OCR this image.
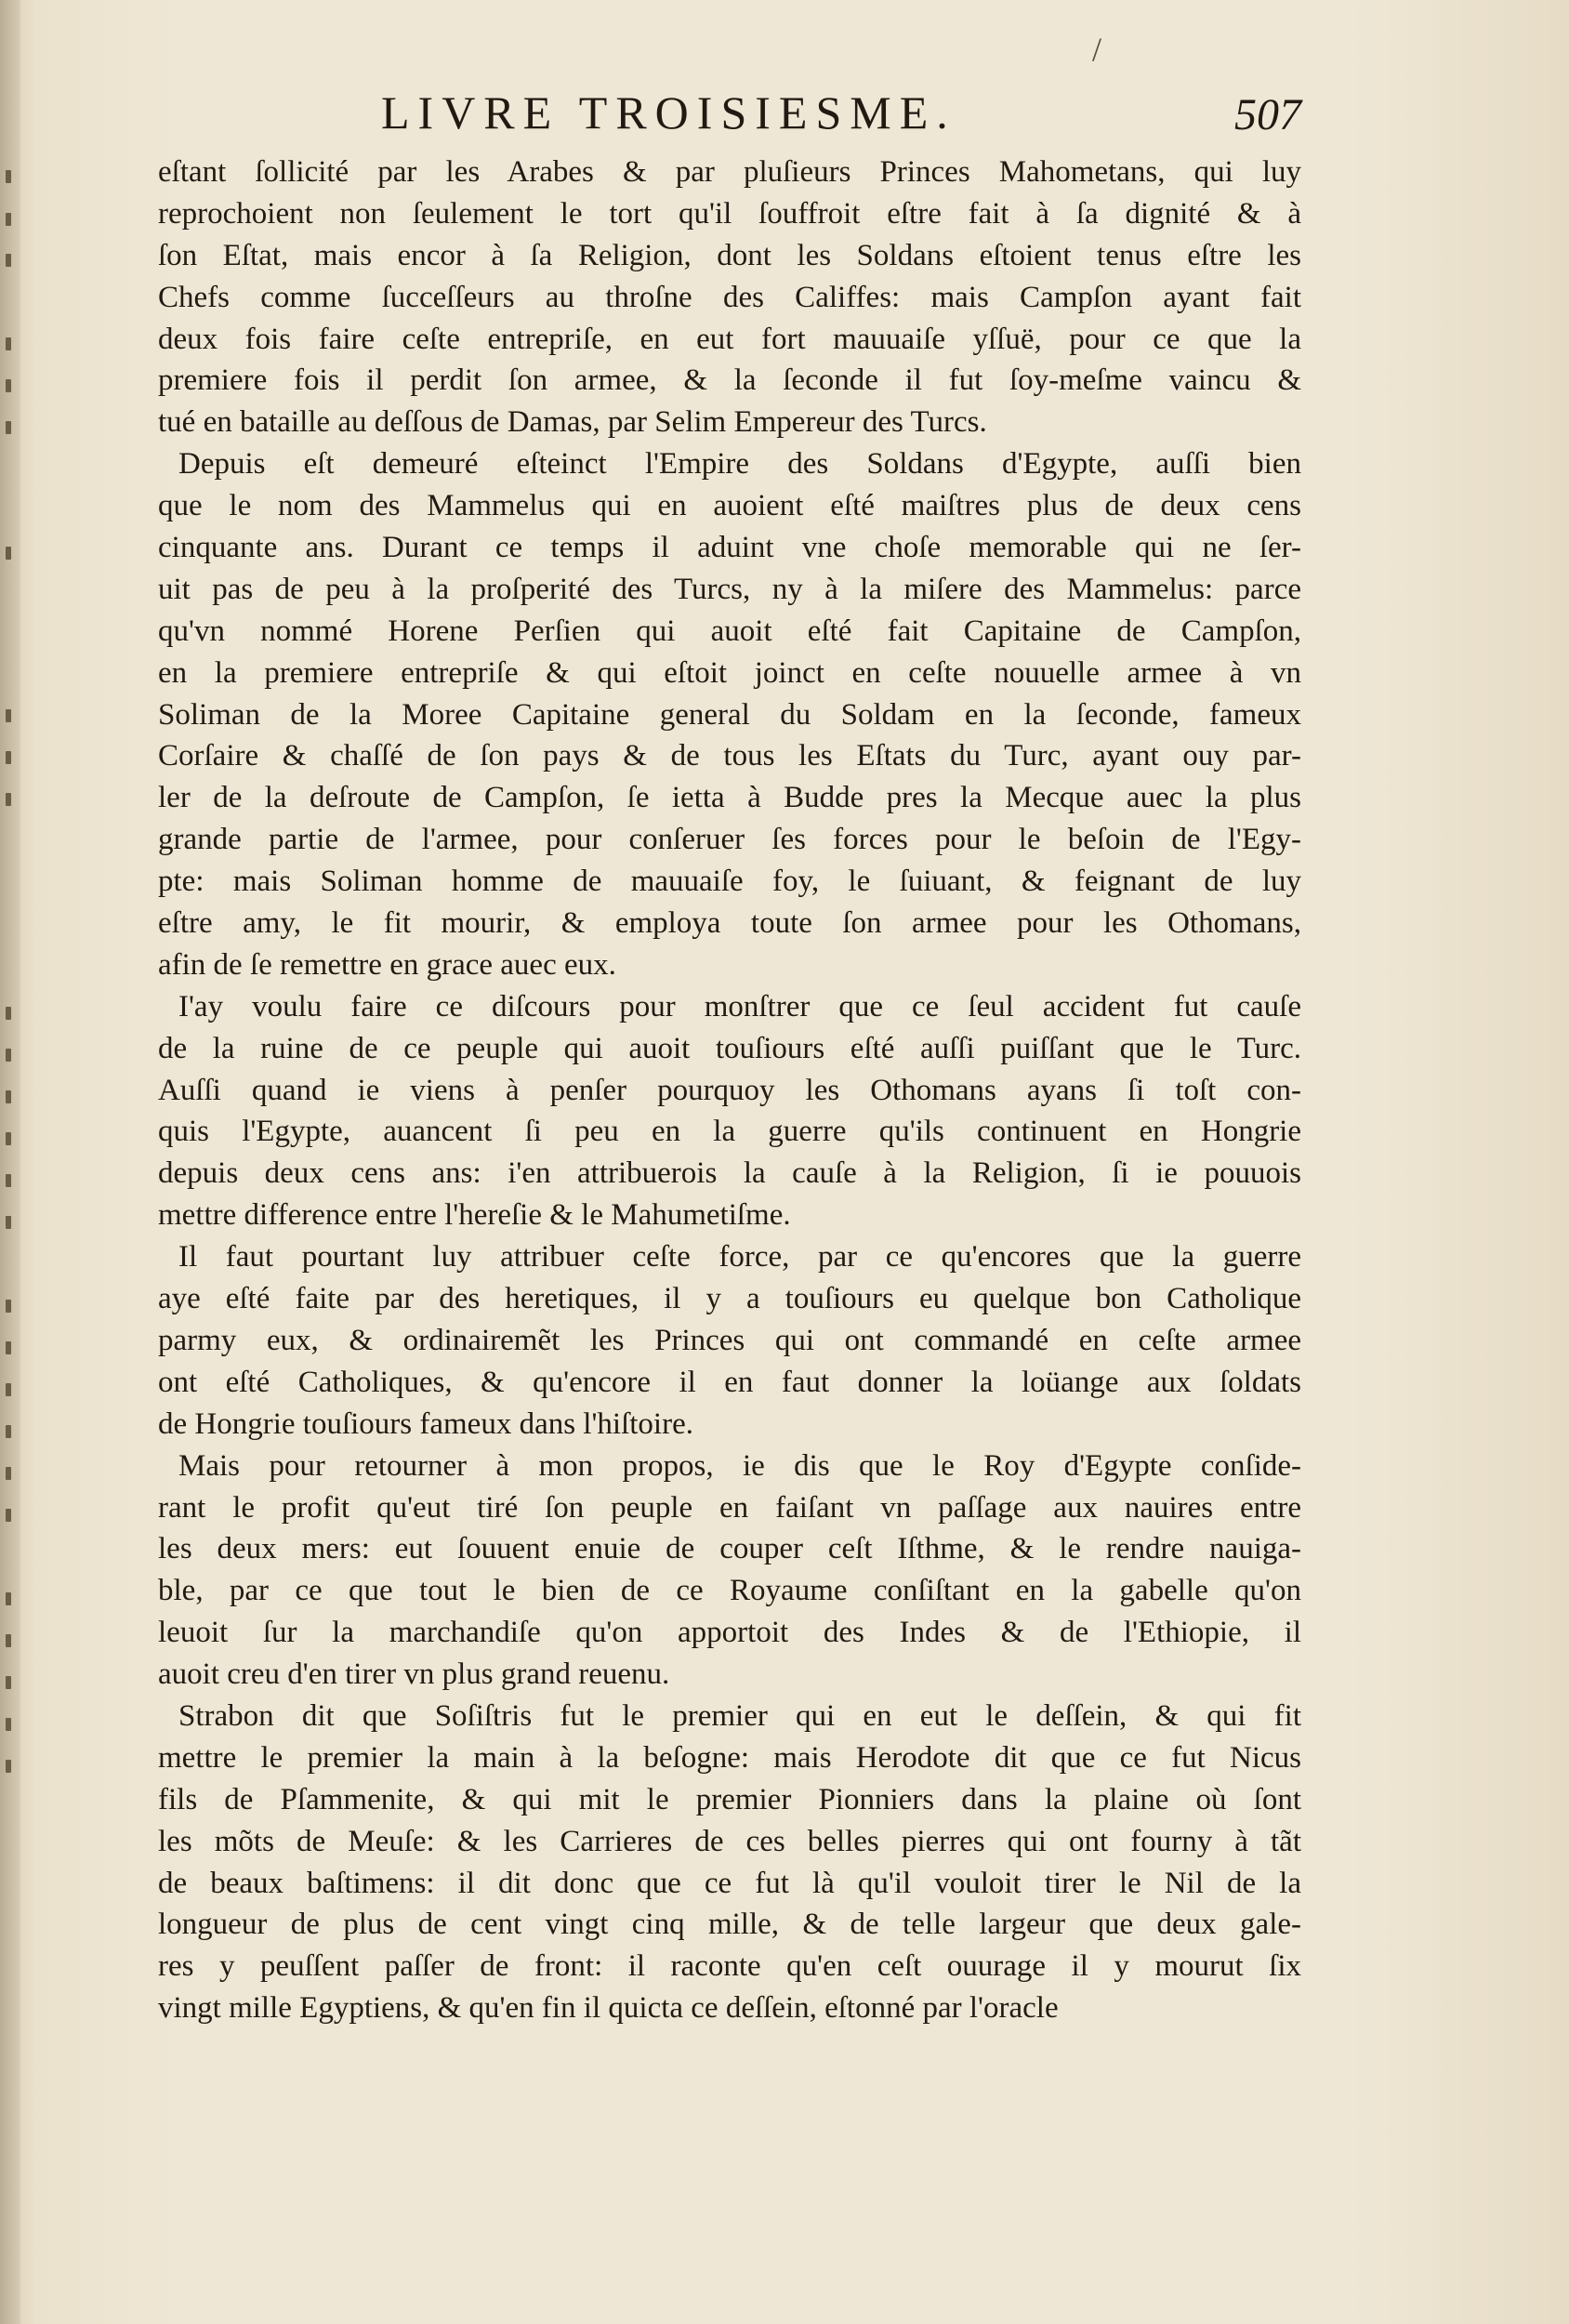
/
LIVRE TROISIESME.	507
eſtant ſollicité par les Arabes & par pluſieurs Princes Mahometans, qui luy
reprochoient non ſeulement le tort qu'il ſouffroit eſtre fait à ſa dignité & à
ſon Eſtat, mais encor à ſa Religion, dont les Soldans eſtoient tenus eſtre les
Chefs comme ſucceſſeurs au throſne des Califfes: mais Campſon ayant fait
deux fois faire ceſte entrepriſe, en eut fort mauuaiſe yſſuë, pour ce que la
premiere fois il perdit ſon armee, & la ſeconde il fut ſoy-meſme vaincu &
tué en bataille au deſſous de Damas, par Selim Empereur des Turcs.
Depuis eſt demeuré eſteinct l'Empire des Soldans d'Egypte, auſſi bien
que le nom des Mammelus qui en auoient eſté maiſtres plus de deux cens
cinquante ans. Durant ce temps il aduint vne choſe memorable qui ne ſer-
uit pas de peu à la proſperité des Turcs, ny à la miſere des Mammelus: parce
qu'vn nommé Horene Perſien qui auoit eſté fait Capitaine de Campſon,
en la premiere entrepriſe & qui eſtoit joinct en ceſte nouuelle armee à vn
Soliman de la Moree Capitaine general du Soldam en la ſeconde, fameux
Corſaire & chaſſé de ſon pays & de tous les Eſtats du Turc, ayant ouy par-
ler de la deſroute de Campſon, ſe ietta à Budde pres la Mecque auec la plus
grande partie de l'armee, pour conſeruer ſes forces pour le beſoin de l'Egy-
pte: mais Soliman homme de mauuaiſe foy, le ſuiuant, & feignant de luy
eſtre amy, le fit mourir, & employa toute ſon armee pour les Othomans,
afin de ſe remettre en grace auec eux.
I'ay voulu faire ce diſcours pour monſtrer que ce ſeul accident fut cauſe
de la ruine de ce peuple qui auoit touſiours eſté auſſi puiſſant que le Turc.
Auſſi quand ie viens à penſer pourquoy les Othomans ayans ſi toſt con-
quis l'Egypte, auancent ſi peu en la guerre qu'ils continuent en Hongrie
depuis deux cens ans: i'en attribuerois la cauſe à la Religion, ſi ie pouuois
mettre difference entre l'hereſie & le Mahumetiſme.
Il faut pourtant luy attribuer ceſte force, par ce qu'encores que la guerre
aye eſté faite par des heretiques, il y a touſiours eu quelque bon Catholique
parmy eux, & ordinairemẽt les Princes qui ont commandé en ceſte armee
ont eſté Catholiques, & qu'encore il en faut donner la loüange aux ſoldats
de Hongrie touſiours fameux dans l'hiſtoire.
Mais pour retourner à mon propos, ie dis que le Roy d'Egypte conſide-
rant le profit qu'eut tiré ſon peuple en faiſant vn paſſage aux nauires entre
les deux mers: eut ſouuent enuie de couper ceſt Iſthme, & le rendre nauiga-
ble, par ce que tout le bien de ce Royaume conſiſtant en la gabelle qu'on
leuoit ſur la marchandiſe qu'on apportoit des Indes & de l'Ethiopie, il
auoit creu d'en tirer vn plus grand reuenu.
Strabon dit que Soſiſtris fut le premier qui en eut le deſſein, & qui fit
mettre le premier la main à la beſogne: mais Herodote dit que ce fut Nicus
fils de Pſammenite, & qui mit le premier Pionniers dans la plaine où ſont
les mõts de Meuſe: & les Carrieres de ces belles pierres qui ont fourny à tãt
de beaux baſtimens: il dit donc que ce fut là qu'il vouloit tirer le Nil de la
longueur de plus de cent vingt cinq mille, & de telle largeur que deux gale-
res y peuſſent paſſer de front: il raconte qu'en ceſt ouurage il y mourut ſix
vingt mille Egyptiens, & qu'en fin il quicta ce deſſein, eſtonné par l'oracle
